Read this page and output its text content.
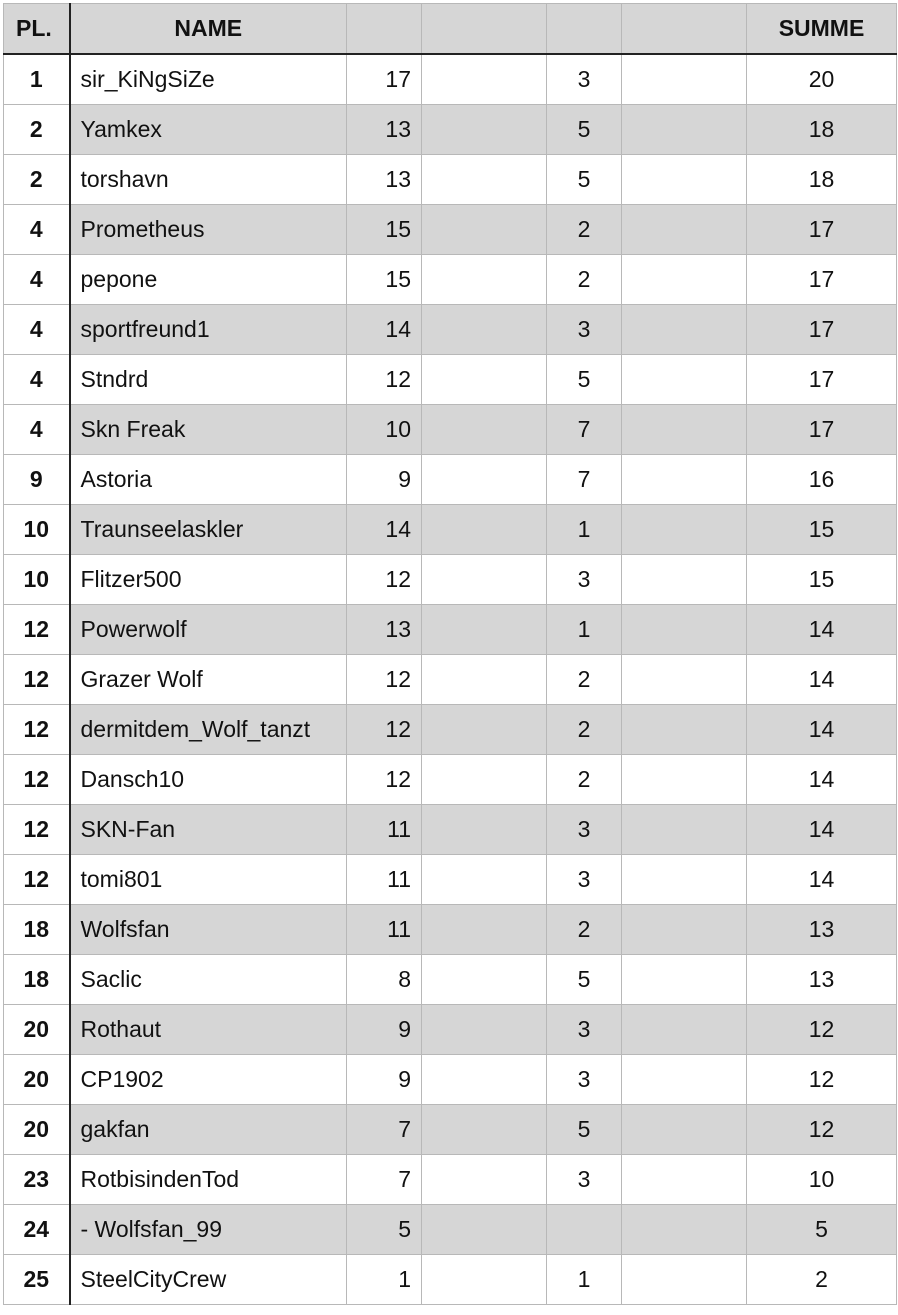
PL.	NAME					SUMME
1	sir_KiNgSiZe	17		3		20
2	Yamkex	13		5		18
2	torshavn	13		5		18
4	Prometheus	15		2		17
4	pepone	15		2		17
4	sportfreund1	14		3		17
4	Stndrd	12		5		17
4	Skn Freak	10		7		17
9	Astoria	9		7		16
10	Traunseelaskler	14		1		15
10	Flitzer500	12		3		15
12	Powerwolf	13		1		14
12	Grazer Wolf	12		2		14
12	dermitdem_Wolf_tanzt	12		2		14
12	Dansch10	12		2		14
12	SKN-Fan	11		3		14
12	tomi801	11		3		14
18	Wolfsfan	11		2		13
18	Saclic	8		5		13
20	Rothaut	9		3		12
20	CP1902	9		3		12
20	gakfan	7		5		12
23	RotbisindenTod	7		3		10
24	- Wolfsfan_99	5				5
25	SteelCityCrew	1		1		2
